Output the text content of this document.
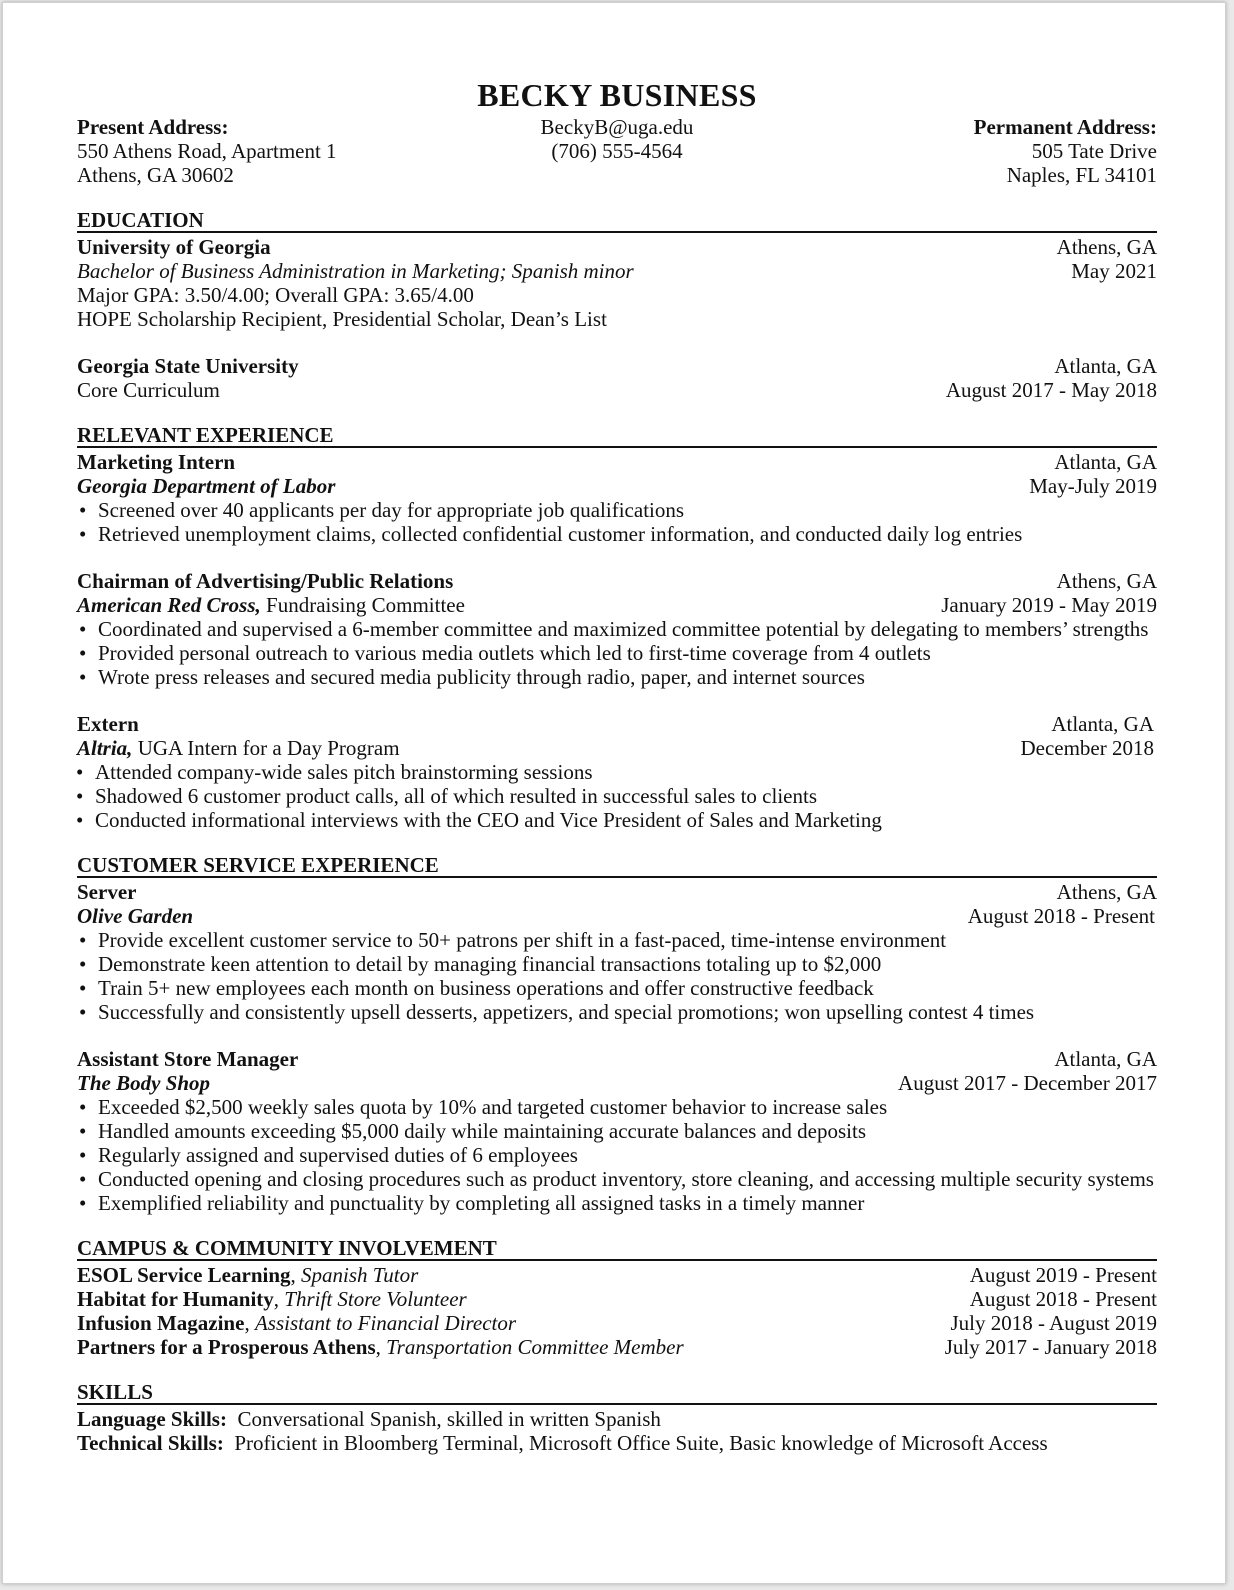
BECKY BUSINESS
Present Address:
550 Athens Road, Apartment 1
Athens, GA 30602
BeckyB@uga.edu
(706) 555-4564
Permanent Address:
505 Tate Drive
Naples, FL 34101
EDUCATION
University of Georgia	Athens, GA
Bachelor of Business Administration in Marketing; Spanish minor	May 2021
Major GPA: 3.50/4.00; Overall GPA: 3.65/4.00
HOPE Scholarship Recipient, Presidential Scholar, Dean’s List
Georgia State University	Atlanta, GA
Core Curriculum	August 2017 - May 2018
RELEVANT EXPERIENCE
Marketing Intern	Atlanta, GA
Georgia Department of Labor	May-July 2019
• Screened over 40 applicants per day for appropriate job qualifications
• Retrieved unemployment claims, collected confidential customer information, and conducted daily log entries
Chairman of Advertising/Public Relations	Athens, GA
American Red Cross, Fundraising Committee	January 2019 - May 2019
• Coordinated and supervised a 6-member committee and maximized committee potential by delegating to members’ strengths
• Provided personal outreach to various media outlets which led to first-time coverage from 4 outlets
• Wrote press releases and secured media publicity through radio, paper, and internet sources
Extern	Atlanta, GA
Altria, UGA Intern for a Day Program	December 2018
• Attended company-wide sales pitch brainstorming sessions
• Shadowed 6 customer product calls, all of which resulted in successful sales to clients
• Conducted informational interviews with the CEO and Vice President of Sales and Marketing
CUSTOMER SERVICE EXPERIENCE
Server	Athens, GA
Olive Garden	August 2018 - Present
• Provide excellent customer service to 50+ patrons per shift in a fast-paced, time-intense environment
• Demonstrate keen attention to detail by managing financial transactions totaling up to $2,000
• Train 5+ new employees each month on business operations and offer constructive feedback
• Successfully and consistently upsell desserts, appetizers, and special promotions; won upselling contest 4 times
Assistant Store Manager	Atlanta, GA
The Body Shop	August 2017 - December 2017
• Exceeded $2,500 weekly sales quota by 10% and targeted customer behavior to increase sales
• Handled amounts exceeding $5,000 daily while maintaining accurate balances and deposits
• Regularly assigned and supervised duties of 6 employees
• Conducted opening and closing procedures such as product inventory, store cleaning, and accessing multiple security systems
• Exemplified reliability and punctuality by completing all assigned tasks in a timely manner
CAMPUS & COMMUNITY INVOLVEMENT
ESOL Service Learning, Spanish Tutor	August 2019 - Present
Habitat for Humanity, Thrift Store Volunteer	August 2018 - Present
Infusion Magazine, Assistant to Financial Director	July 2018 - August 2019
Partners for a Prosperous Athens, Transportation Committee Member	July 2017 - January 2018
SKILLS
Language Skills: Conversational Spanish, skilled in written Spanish
Technical Skills: Proficient in Bloomberg Terminal, Microsoft Office Suite, Basic knowledge of Microsoft Access
